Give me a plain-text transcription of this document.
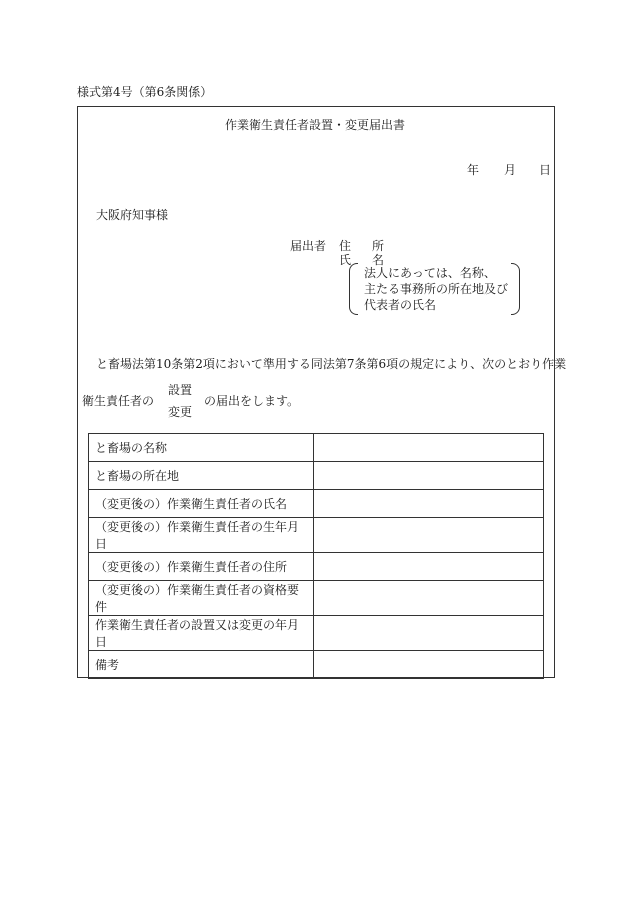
様式第4号（第6条関係）
作業衛生責任者設置・変更届出書
年 月 日
大阪府知事様
届出者 住 所
氏 名
法人にあっては、名称、
主たる事務所の所在地及び
代表者の氏名
と畜場法第10条第2項において準用する同法第7条第6項の規定により、次のとおり作業
衛生責任者の
設置
変更
の届出をします。
と畜場の名称	
と畜場の所在地	
（変更後の）作業衛生責任者の氏名	
（変更後の）作業衛生責任者の生年月日	
（変更後の）作業衛生責任者の住所	
（変更後の）作業衛生責任者の資格要件	
作業衛生責任者の設置又は変更の年月日	
備考	
